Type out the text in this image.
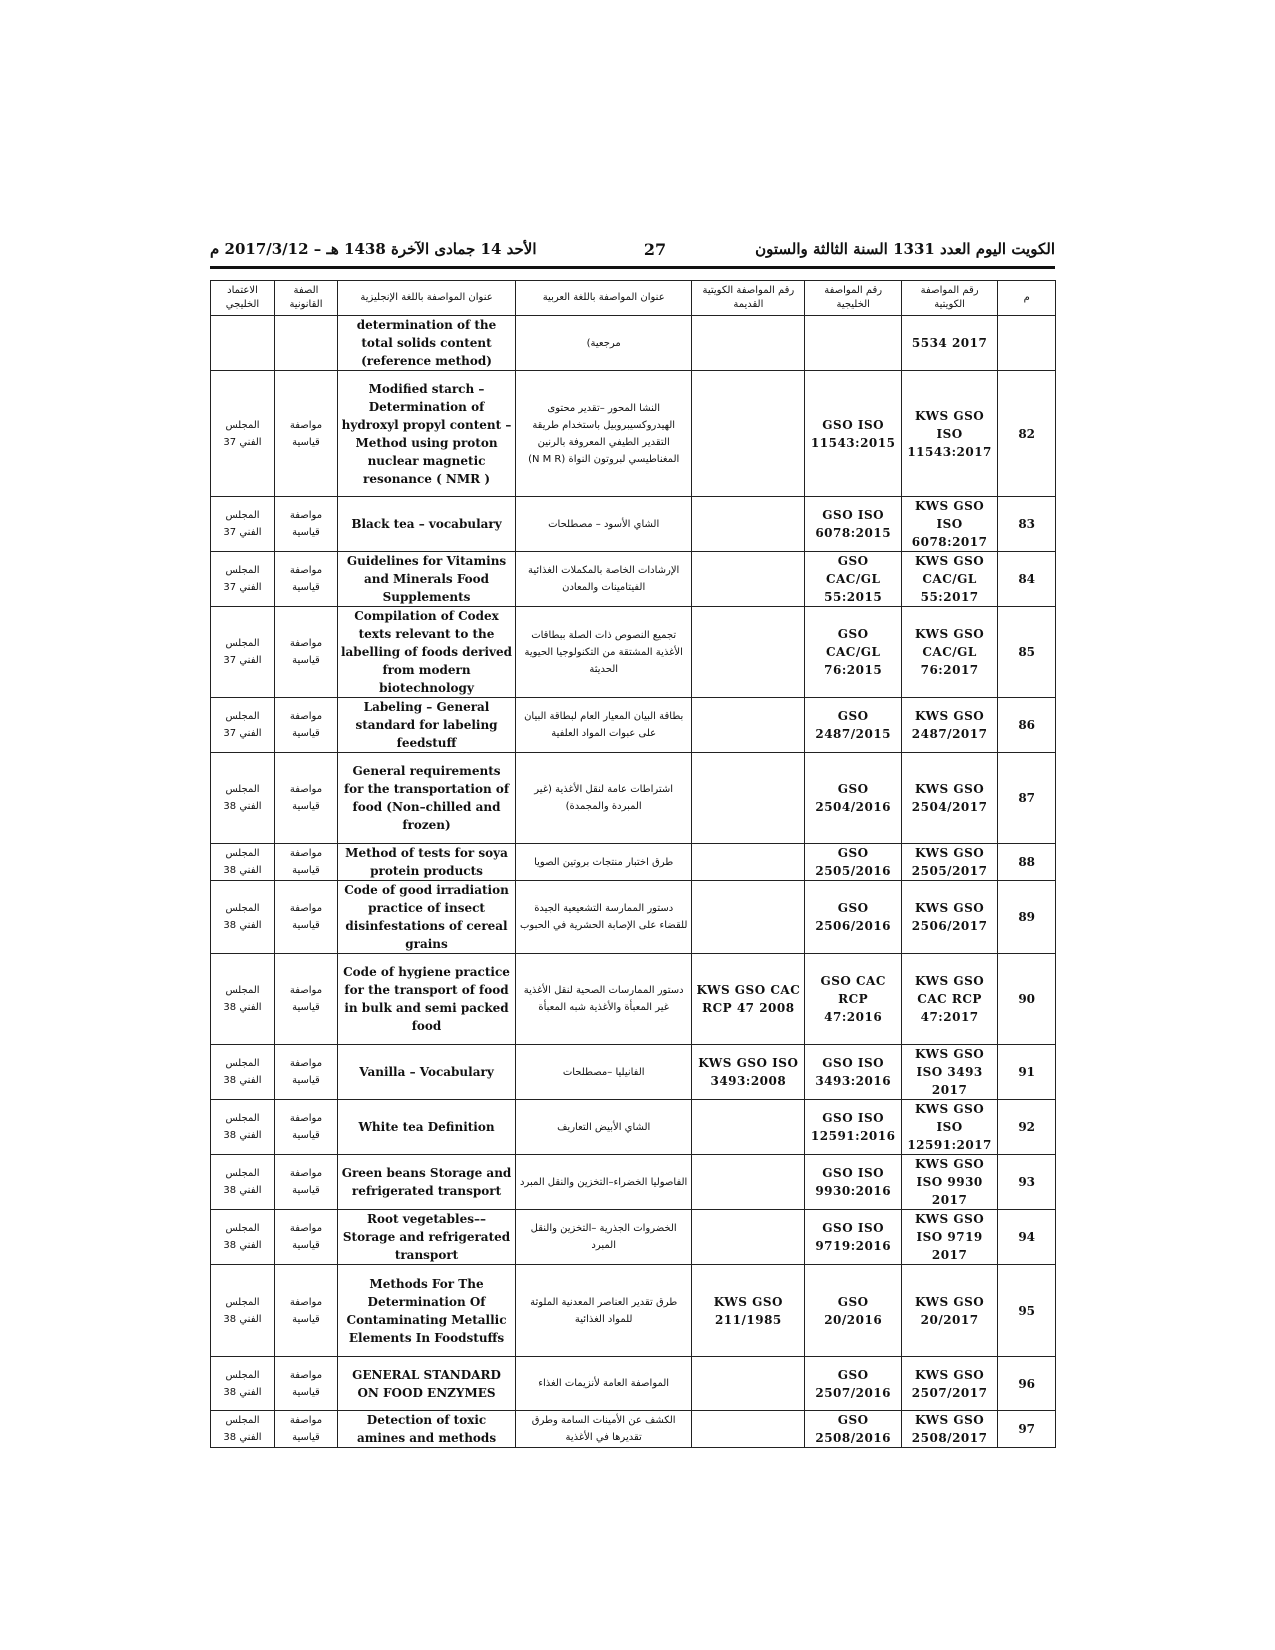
الكويت اليوم العدد 1331 السنة الثالثة والستون
27
الأحد 14 جمادى الآخرة 1438 هـ – 2017/3/12 م
م	رقم المواصفة الكويتية	رقم المواصفة الخليجية	رقم المواصفة الكويتية القديمة	عنوان المواصفة باللغة العربية	عنوان المواصفة باللغة الإنجليزية	الصفة القانونية	الاعتماد الخليجي
	5534 2017			مرجعية)	determination of the total solids content (reference method)		
82	KWS GSO ISO 11543:2017	GSO ISO 11543:2015		النشا المحور –تقدير محتوى الهيدروكسيبروبيل باستخدام طريقة التقدير الطيفي المعروفة بالرنين المغناطيسي لبروتون النواة (N M R)	Modified starch – Determination of hydroxyl propyl content – Method using proton nuclear magnetic resonance ( NMR )	مواصفة قياسية	المجلس الفني 37
83	KWS GSO ISO 6078:2017	GSO ISO 6078:2015		الشاي الأسود – مصطلحات	Black tea – vocabulary	مواصفة قياسية	المجلس الفني 37
84	KWS GSO CAC/GL 55:2017	GSO CAC/GL 55:2015		الإرشادات الخاصة بالمكملات الغذائية الفيتامينات والمعادن	Guidelines for Vitamins and Minerals Food Supplements	مواصفة قياسية	المجلس الفني 37
85	KWS GSO CAC/GL 76:2017	GSO CAC/GL 76:2015		تجميع النصوص ذات الصلة ببطاقات الأغذية المشتقة من التكنولوجيا الحيوية الحديثة	Compilation of Codex texts relevant to the labelling of foods derived from modern biotechnology	مواصفة قياسية	المجلس الفني 37
86	KWS GSO 2487/2017	GSO 2487/2015		بطاقة البيان المعيار العام لبطاقة البيان على عبوات المواد العلفية	Labeling – General standard for labeling feedstuff	مواصفة قياسية	المجلس الفني 37
87	KWS GSO 2504/2017	GSO 2504/2016		اشتراطات عامة لنقل الأغذية (غير المبردة والمجمدة)	General requirements for the transportation of food (Non–chilled and frozen)	مواصفة قياسية	المجلس الفني 38
88	KWS GSO 2505/2017	GSO 2505/2016		طرق اختبار منتجات بروتين الصويا	Method of tests for soya protein products	مواصفة قياسية	المجلس الفني 38
89	KWS GSO 2506/2017	GSO 2506/2016		دستور الممارسة التشعيعية الجيدة للقضاء على الإصابة الحشرية في الحبوب	Code of good irradiation practice of insect disinfestations of cereal grains	مواصفة قياسية	المجلس الفني 38
90	KWS GSO CAC RCP 47:2017	GSO CAC RCP 47:2016	KWS GSO CAC RCP 47 2008	دستور الممارسات الصحية لنقل الأغذية غير المعبأة والأغذية شبه المعبأة	Code of hygiene practice for the transport of food in bulk and semi packed food	مواصفة قياسية	المجلس الفني 38
91	KWS GSO ISO 3493 2017	GSO ISO 3493:2016	KWS GSO ISO 3493:2008	الفانيليا –مصطلحات	Vanilla – Vocabulary	مواصفة قياسية	المجلس الفني 38
92	KWS GSO ISO 12591:2017	GSO ISO 12591:2016		الشاي الأبيض التعاريف	White tea Definition	مواصفة قياسية	المجلس الفني 38
93	KWS GSO ISO 9930 2017	GSO ISO 9930:2016		الفاصوليا الخضراء–التخزين والنقل المبرد	Green beans Storage and refrigerated transport	مواصفة قياسية	المجلس الفني 38
94	KWS GSO ISO 9719 2017	GSO ISO 9719:2016		الخضروات الجذرية –التخزين والنقل المبرد	Root vegetables–– Storage and refrigerated transport	مواصفة قياسية	المجلس الفني 38
95	KWS GSO 20/2017	GSO 20/2016	KWS GSO 211/1985	طرق تقدير العناصر المعدنية الملوثة للمواد الغذائية	Methods For The Determination Of Contaminating Metallic Elements In Foodstuffs	مواصفة قياسية	المجلس الفني 38
96	KWS GSO 2507/2017	GSO 2507/2016		المواصفة العامة لأنزيمات الغذاء	GENERAL STANDARD ON FOOD ENZYMES	مواصفة قياسية	المجلس الفني 38
97	KWS GSO 2508/2017	GSO 2508/2016		الكشف عن الأمينات السامة وطرق تقديرها في الأغذية	Detection of toxic amines and methods	مواصفة قياسية	المجلس الفني 38
